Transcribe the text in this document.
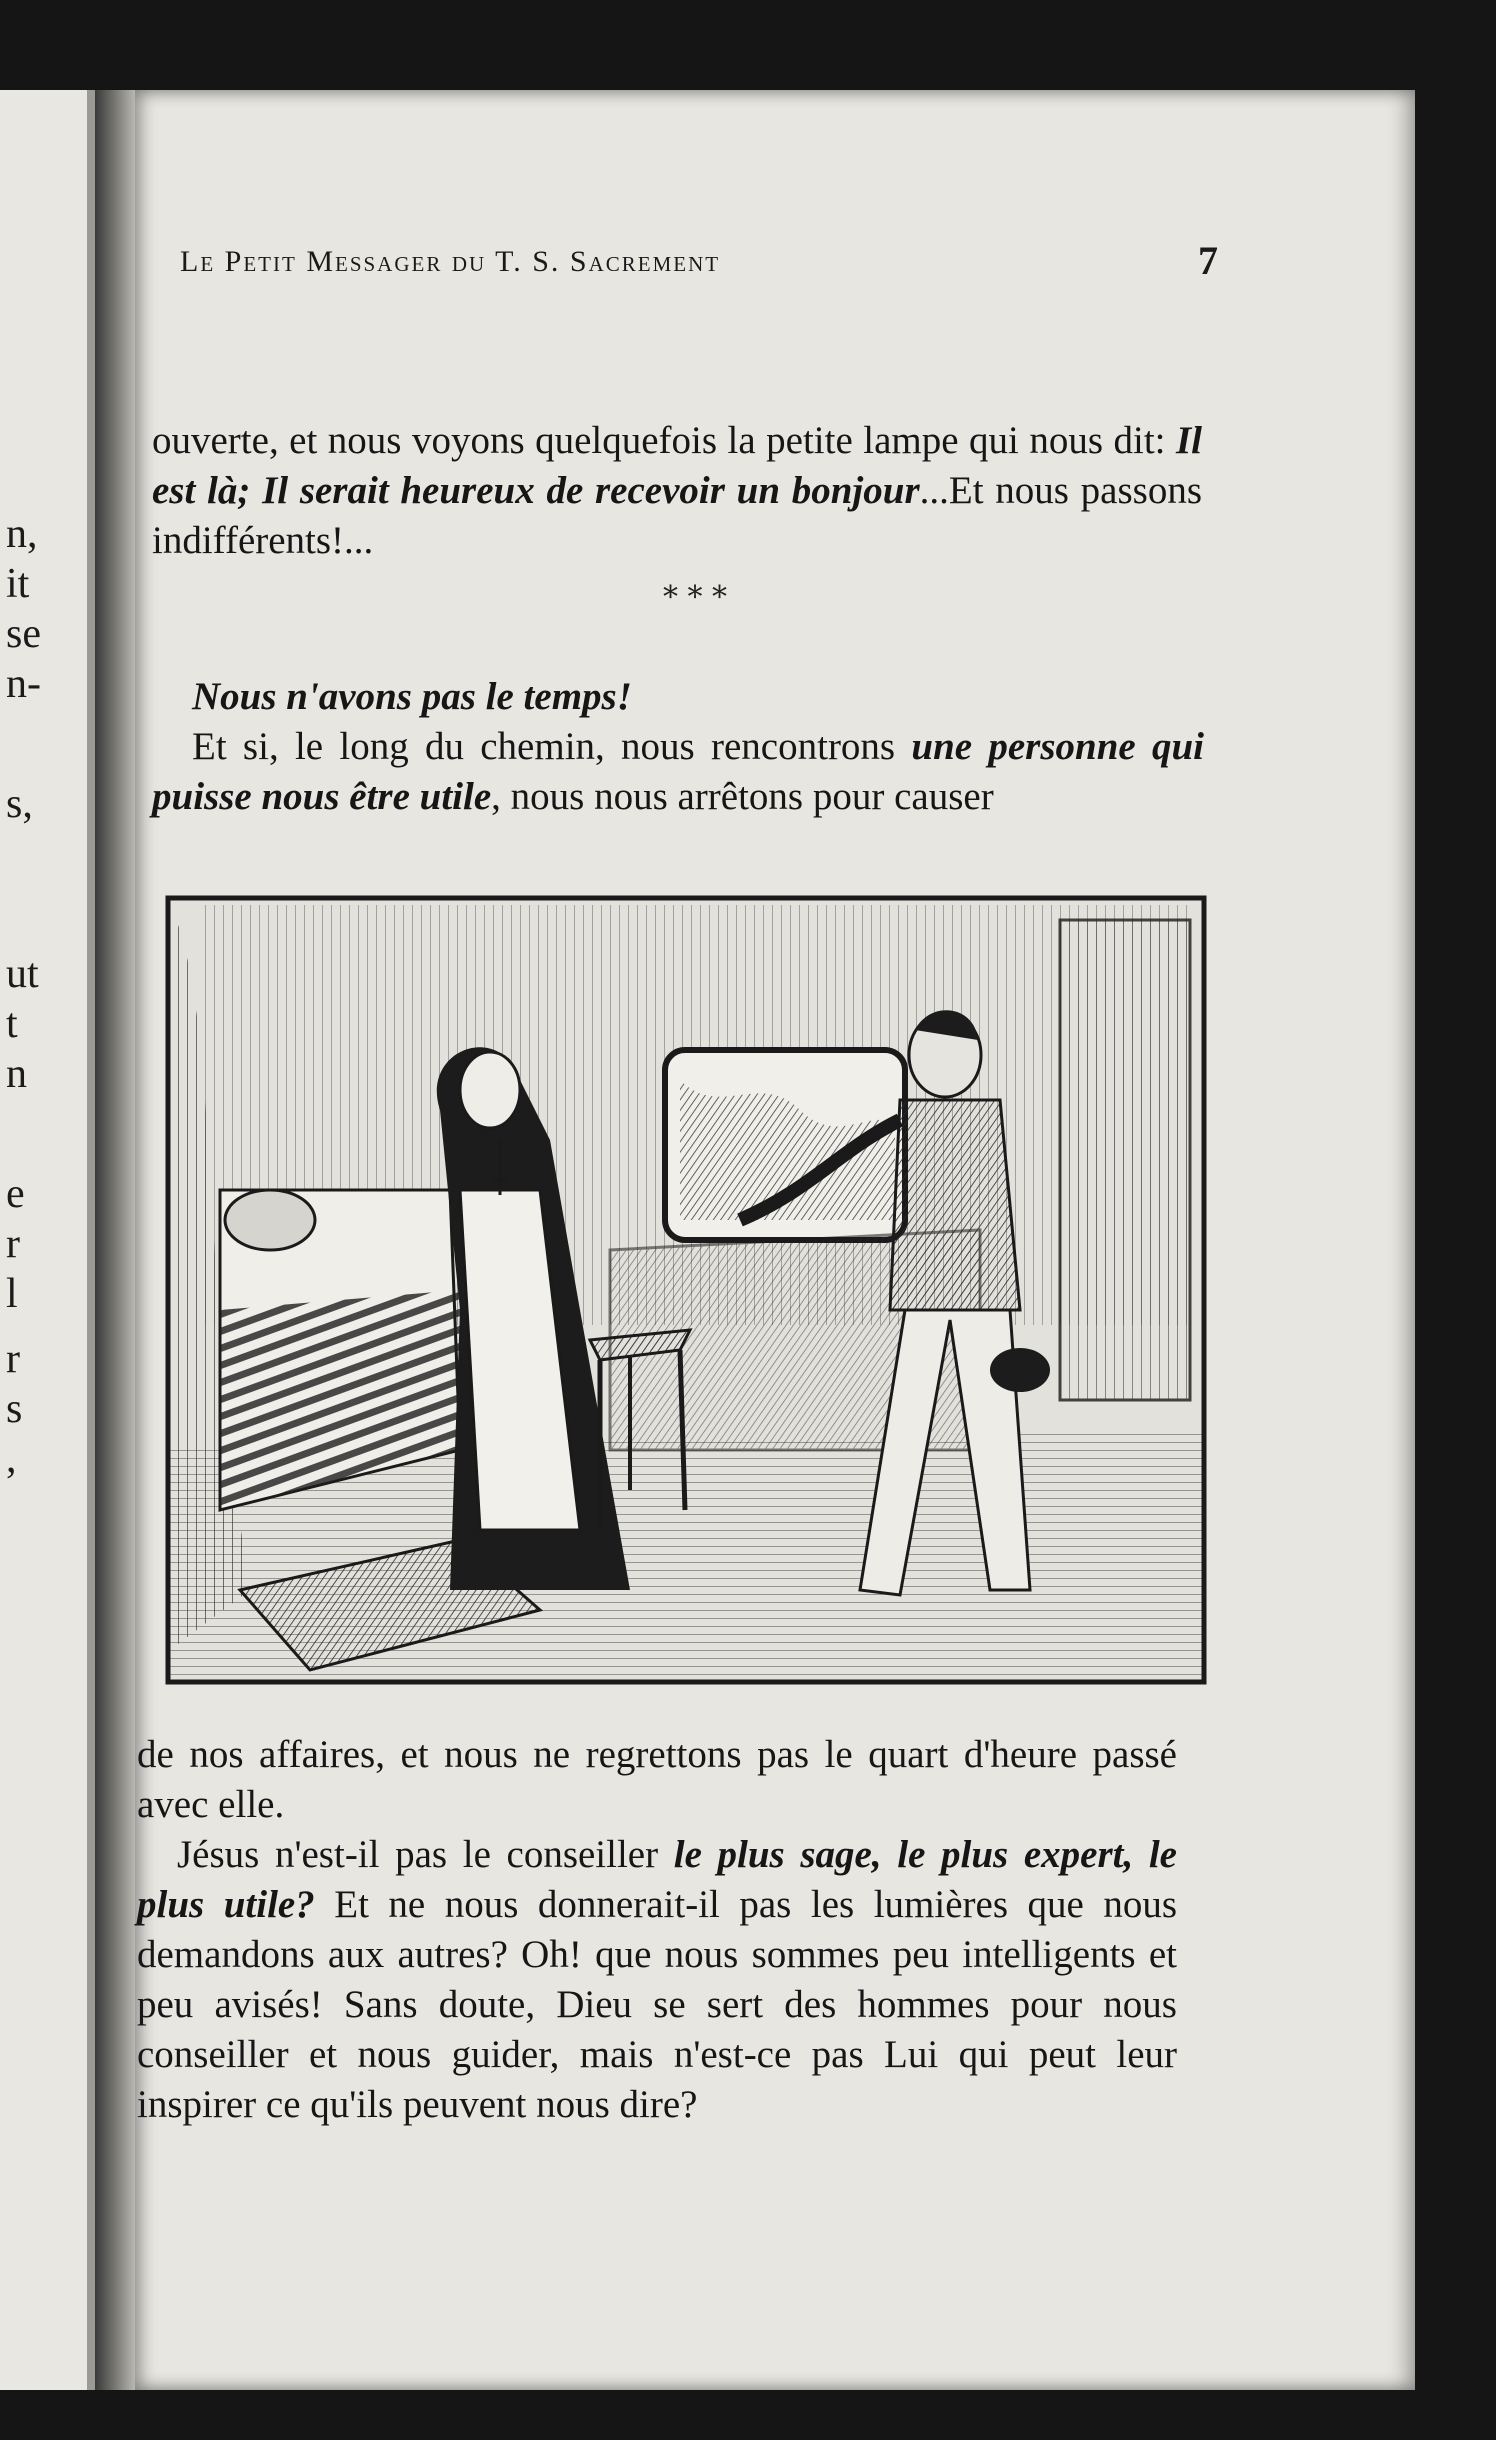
n,
it
se
n-
s,
ut
t
n
e
r
l
r
s
,
Le Petit Messager du T. S. Sacrement	7

ouverte, et nous voyons quelquefois la petite lampe qui nous dit: Il est là; Il serait heureux de recevoir un bonjour...Et nous passons indifférents!...

* * *

Nous n'avons pas le temps!

Et si, le long du chemin, nous rencontrons une personne qui puisse nous être utile, nous nous arrêtons pour causer

de nos affaires, et nous ne regrettons pas le quart d'heure passé avec elle.

Jésus n'est-il pas le conseiller le plus sage, le plus expert, le plus utile? Et ne nous donnerait-il pas les lumières que nous demandons aux autres? Oh! que nous sommes peu intelligents et peu avisés! Sans doute, Dieu se sert des hommes pour nous conseiller et nous guider, mais n'est-ce pas Lui qui peut leur inspirer ce qu'ils peuvent nous dire?
